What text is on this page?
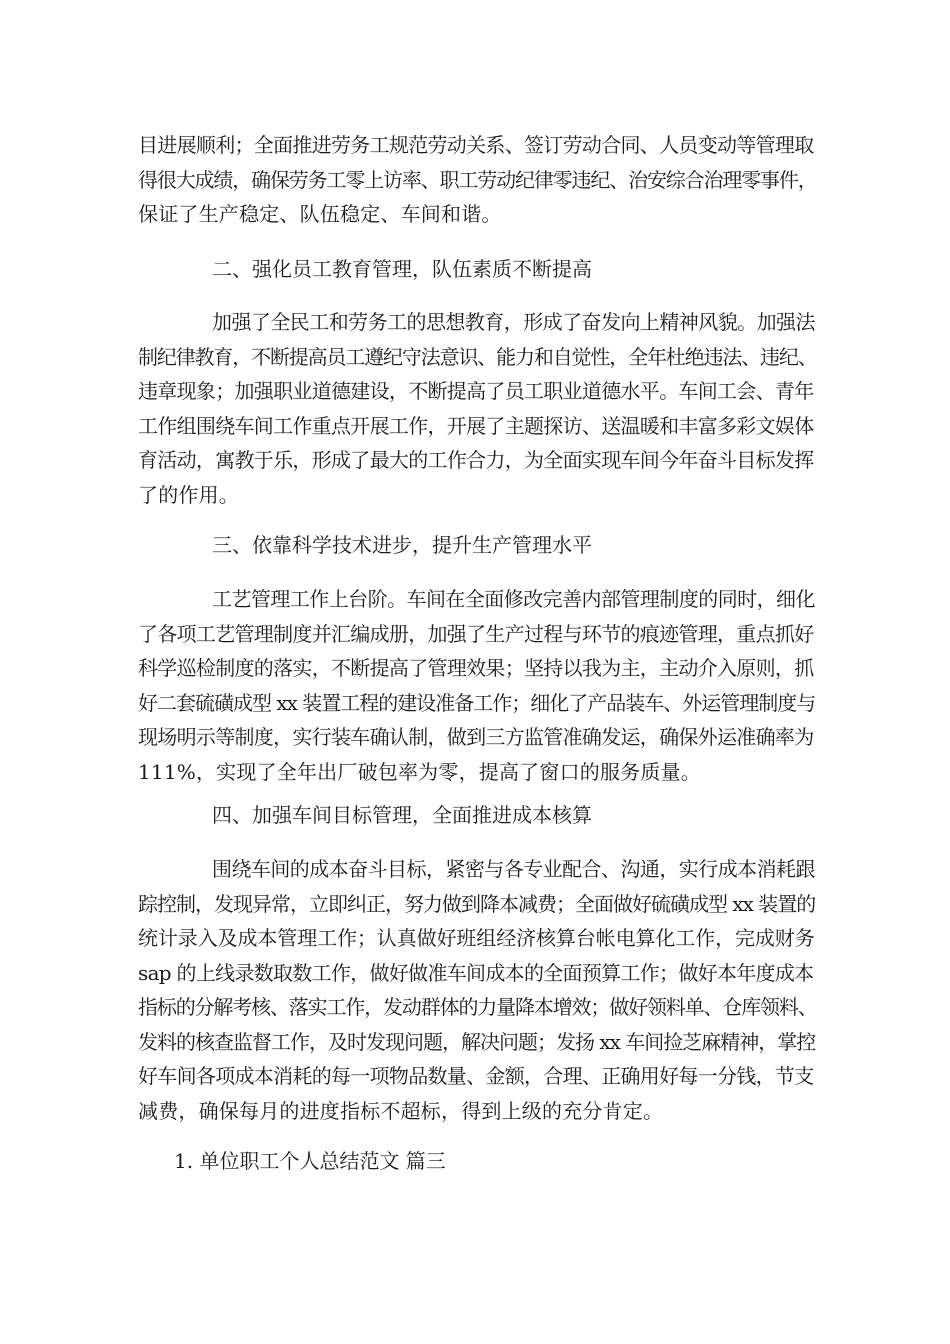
目进展顺利；全面推进劳务工规范劳动关系、签订劳动合同、人员变动等管理取
得很大成绩，确保劳务工零上访率、职工劳动纪律零违纪、治安综合治理零事件，
保证了生产稳定、队伍稳定、车间和谐。
二、强化员工教育管理，队伍素质不断提高
加强了全民工和劳务工的思想教育，形成了奋发向上精神风貌。加强法
制纪律教育，不断提高员工遵纪守法意识、能力和自觉性，全年杜绝违法、违纪、
违章现象；加强职业道德建设，不断提高了员工职业道德水平。车间工会、青年
工作组围绕车间工作重点开展工作，开展了主题探访、送温暖和丰富多彩文娱体
育活动，寓教于乐，形成了最大的工作合力，为全面实现车间今年奋斗目标发挥
了的作用。
三、依靠科学技术进步，提升生产管理水平
工艺管理工作上台阶。车间在全面修改完善内部管理制度的同时，细化
了各项工艺管理制度并汇编成册，加强了生产过程与环节的痕迹管理，重点抓好
科学巡检制度的落实，不断提高了管理效果；坚持以我为主，主动介入原则，抓
好二套硫磺成型 xx 装置工程的建设准备工作；细化了产品装车、外运管理制度与
现场明示等制度，实行装车确认制，做到三方监管准确发运，确保外运准确率为
111%，实现了全年出厂破包率为零，提高了窗口的服务质量。
四、加强车间目标管理，全面推进成本核算
围绕车间的成本奋斗目标，紧密与各专业配合、沟通，实行成本消耗跟
踪控制，发现异常，立即纠正，努力做到降本减费；全面做好硫磺成型 xx 装置的
统计录入及成本管理工作；认真做好班组经济核算台帐电算化工作，完成财务
sap 的上线录数取数工作，做好做准车间成本的全面预算工作；做好本年度成本
指标的分解考核、落实工作，发动群体的力量降本增效；做好领料单、仓库领料、
发料的核查监督工作，及时发现问题，解决问题；发扬 xx 车间捡芝麻精神，掌控
好车间各项成本消耗的每一项物品数量、金额，合理、正确用好每一分钱，节支
减费，确保每月的进度指标不超标，得到上级的充分肯定。
1. 单位职工个人总结范文 篇三
